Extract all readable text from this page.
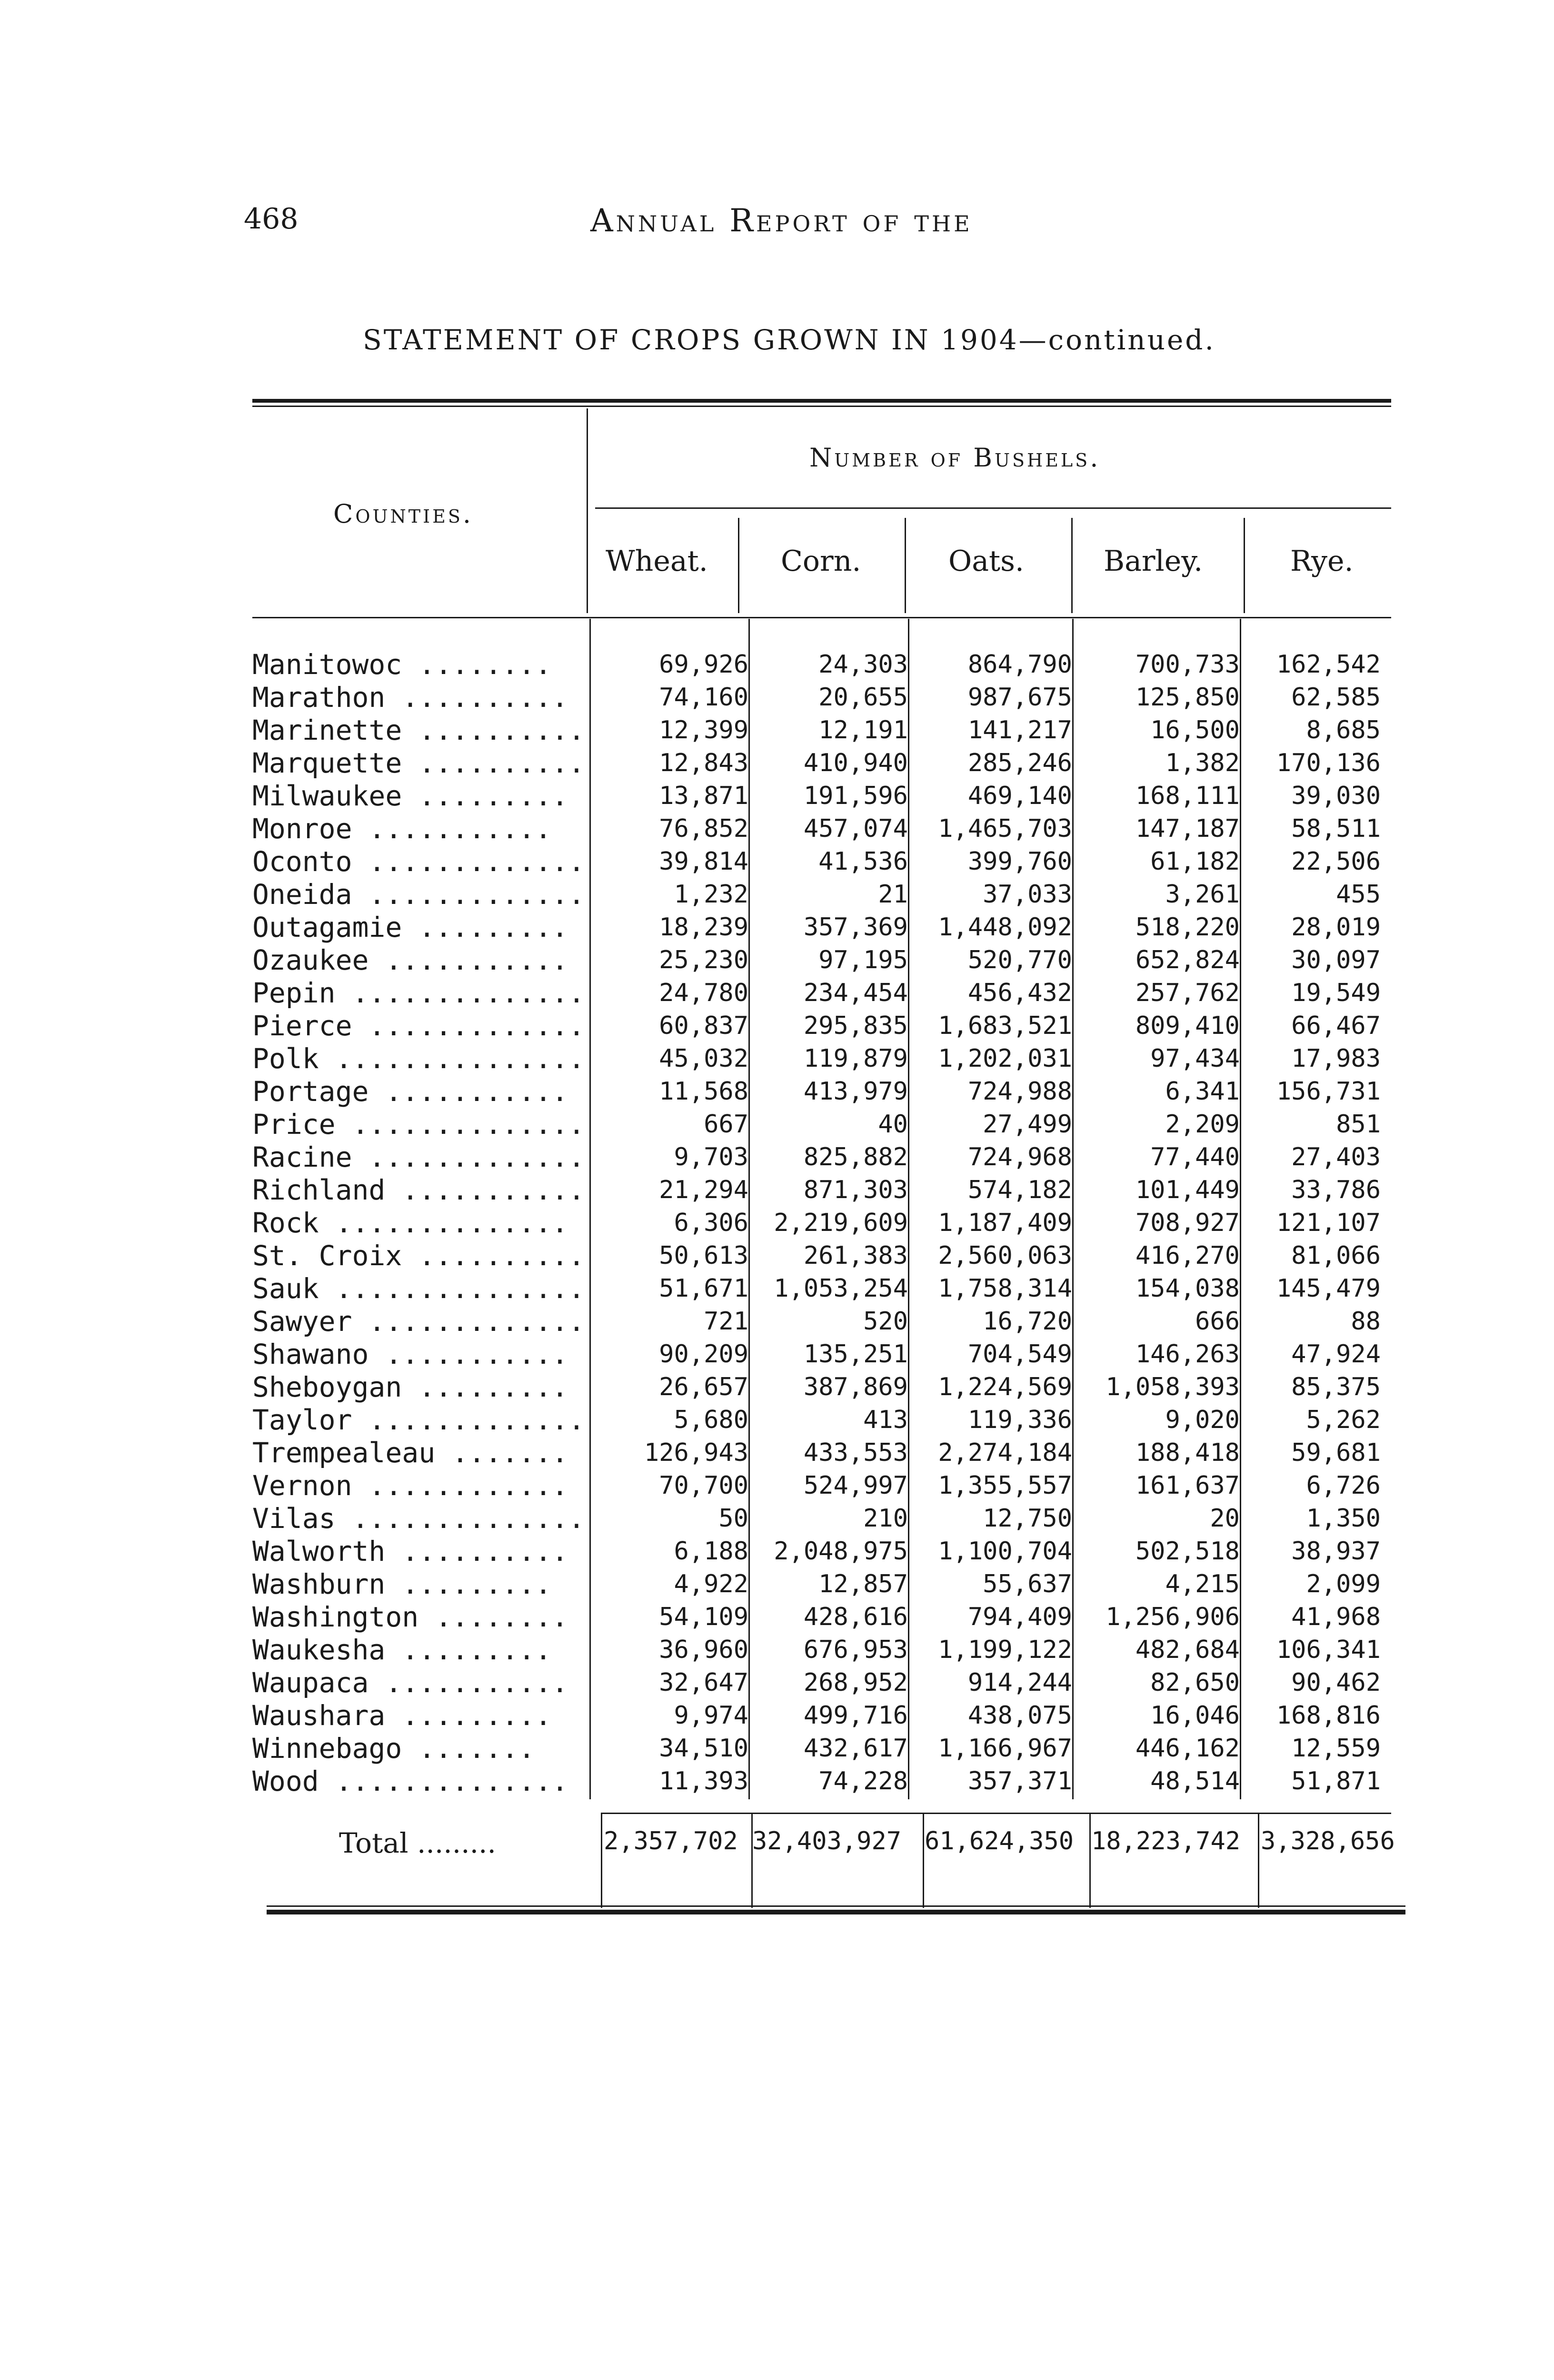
468	Annual Report of the
STATEMENT OF CROPS GROWN IN 1904—continued.
Counties.
Number of Bushels.
Wheat.	Corn.	Oats.	Barley.	Rye.
Manitowoc ........	69,926	24,303	864,790	700,733	162,542
Marathon ..........	74,160	20,655	987,675	125,850	62,585
Marinette ..........	12,399	12,191	141,217	16,500	8,685
Marquette ..........	12,843	410,940	285,246	1,382	170,136
Milwaukee .........	13,871	191,596	469,140	168,111	39,030
Monroe ...........	76,852	457,074	1,465,703	147,187	58,511
Oconto .............	39,814	41,536	399,760	61,182	22,506
Oneida .............	1,232	21	37,033	3,261	455
Outagamie .........	18,239	357,369	1,448,092	518,220	28,019
Ozaukee ...........	25,230	97,195	520,770	652,824	30,097
Pepin ..............	24,780	234,454	456,432	257,762	19,549
Pierce .............	60,837	295,835	1,683,521	809,410	66,467
Polk ...............	45,032	119,879	1,202,031	97,434	17,983
Portage ...........	11,568	413,979	724,988	6,341	156,731
Price ..............	667	40	27,499	2,209	851
Racine .............	9,703	825,882	724,968	77,440	27,403
Richland ...........	21,294	871,303	574,182	101,449	33,786
Rock ..............	6,306	2,219,609	1,187,409	708,927	121,107
St. Croix ..........	50,613	261,383	2,560,063	416,270	81,066
Sauk ...............	51,671	1,053,254	1,758,314	154,038	145,479
Sawyer .............	721	520	16,720	666	88
Shawano ...........	90,209	135,251	704,549	146,263	47,924
Sheboygan .........	26,657	387,869	1,224,569	1,058,393	85,375
Taylor .............	5,680	413	119,336	9,020	5,262
Trempealeau .......	126,943	433,553	2,274,184	188,418	59,681
Vernon ............	70,700	524,997	1,355,557	161,637	6,726
Vilas ..............	50	210	12,750	20	1,350
Walworth ..........	6,188	2,048,975	1,100,704	502,518	38,937
Washburn .........	4,922	12,857	55,637	4,215	2,099
Washington ........	54,109	428,616	794,409	1,256,906	41,968
Waukesha .........	36,960	676,953	1,199,122	482,684	106,341
Waupaca ...........	32,647	268,952	914,244	82,650	90,462
Waushara .........	9,974	499,716	438,075	16,046	168,816
Winnebago .......	34,510	432,617	1,166,967	446,162	12,559
Wood ..............	11,393	74,228	357,371	48,514	51,871
Total .........	2,357,702 32,403,927 61,624,350 18,223,742 3,328,656
